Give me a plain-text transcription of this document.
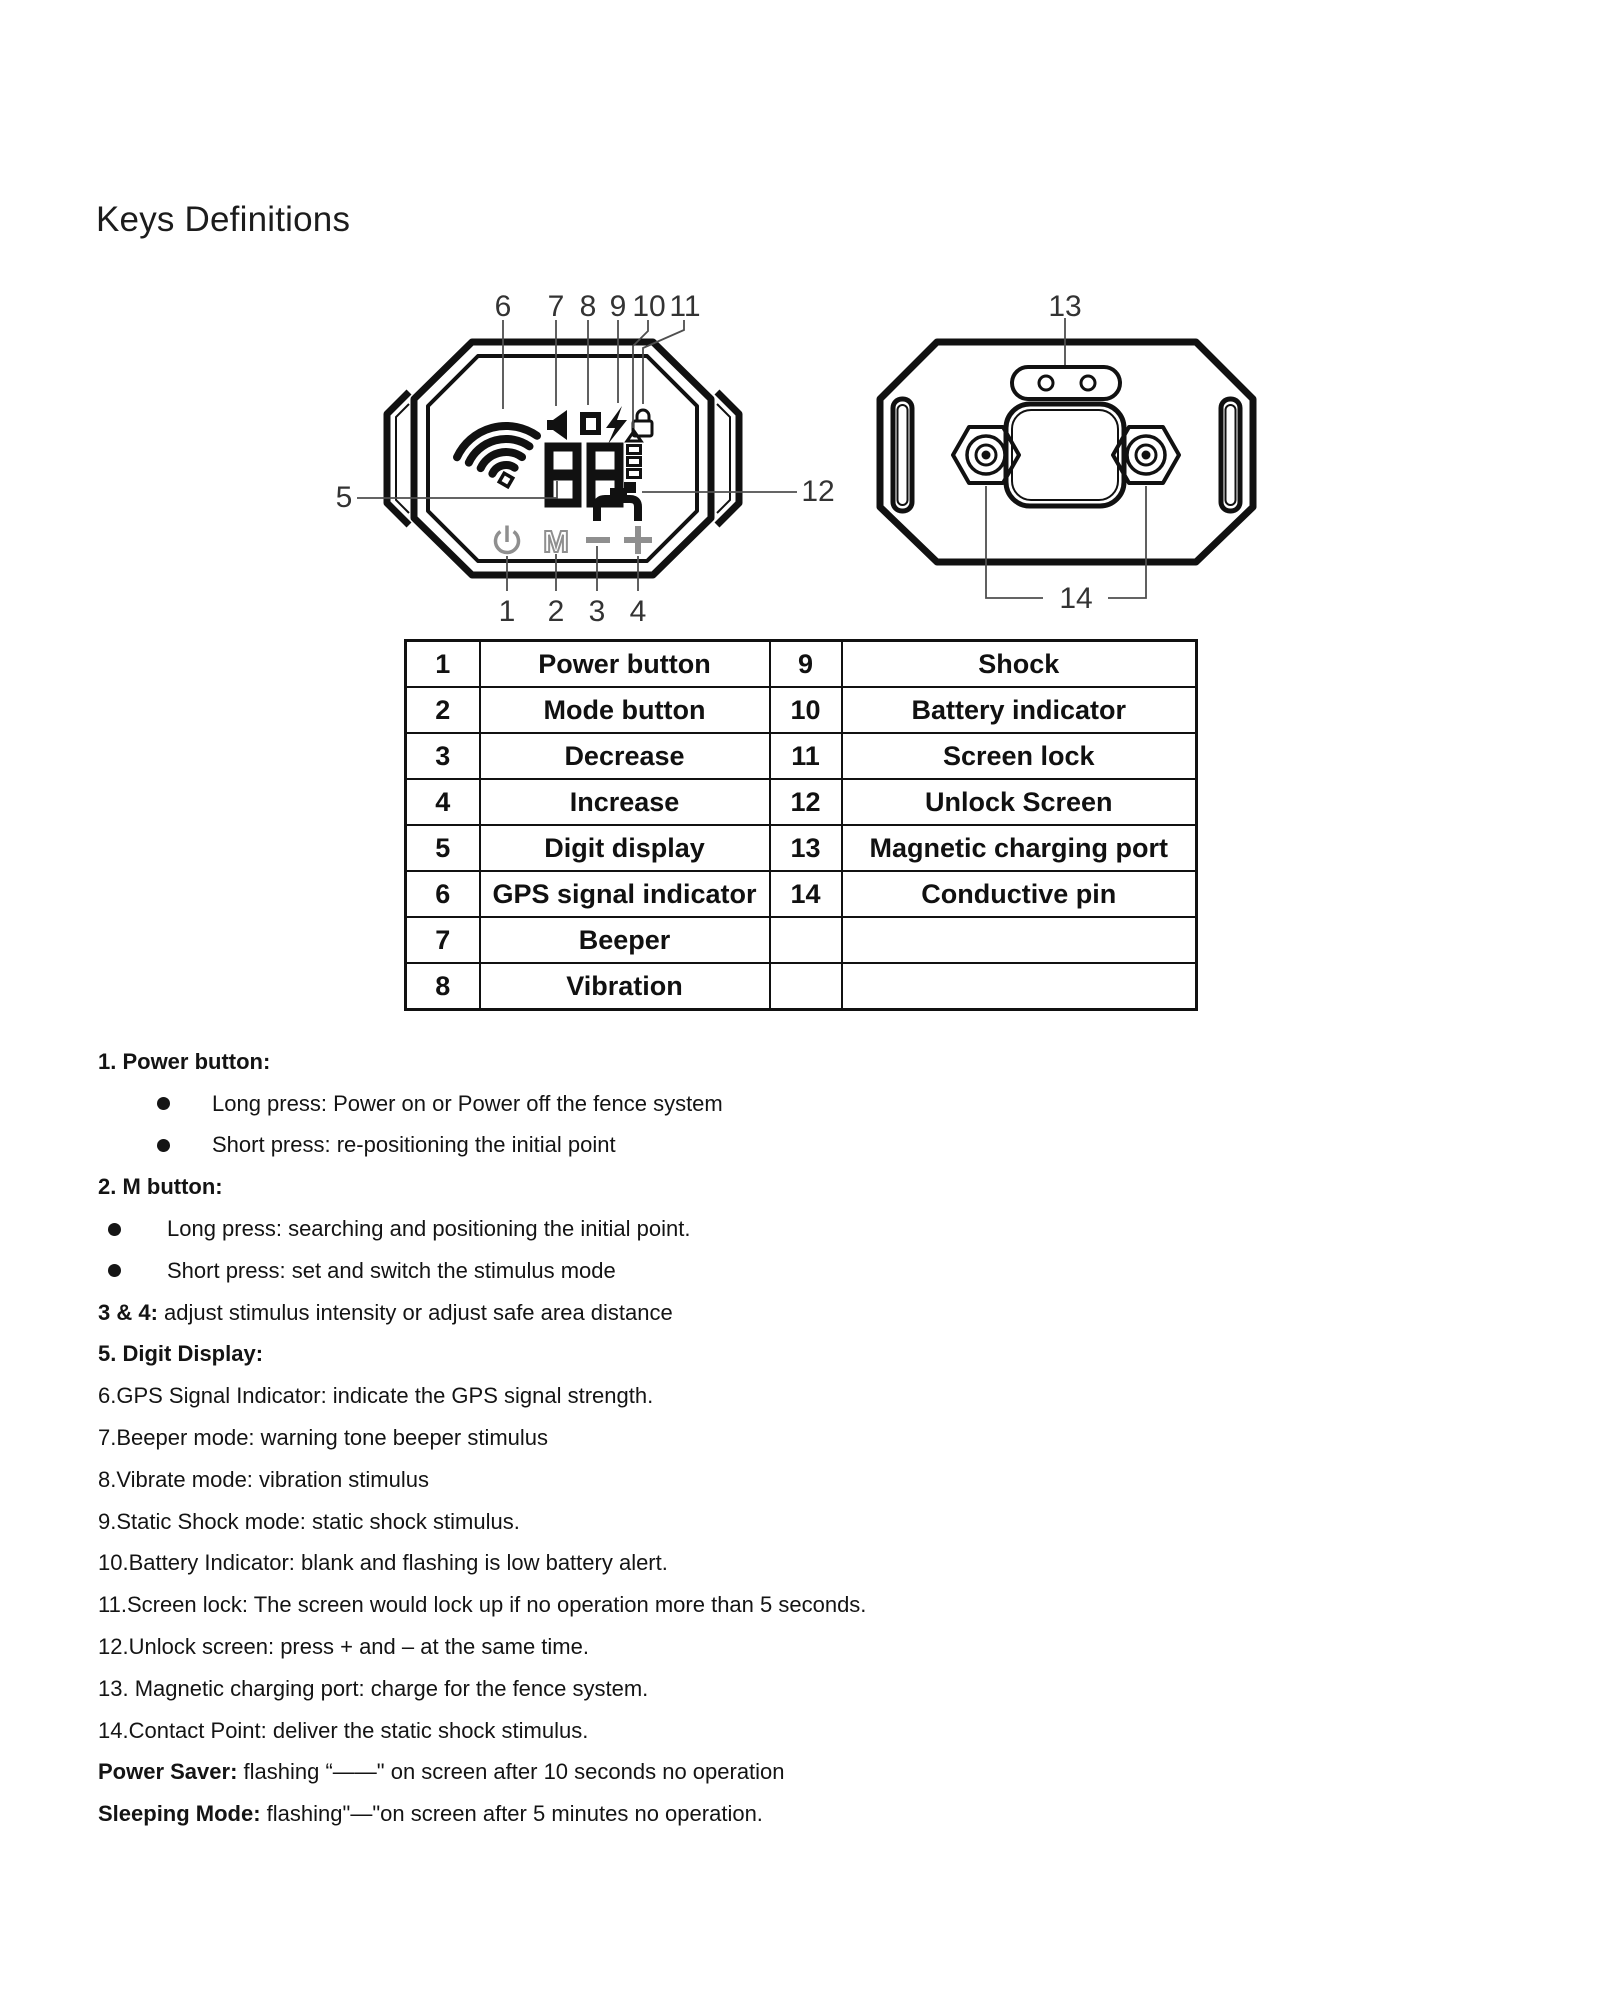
Keys Definitions
M
1 2 3 4
5
6 7 8 9 10 11
12
13
14
1	Power button	9	Shock
2	Mode button	10	Battery indicator
3	Decrease	11	Screen lock
4	Increase	12	Unlock Screen
5	Digit display	13	Magnetic charging port
6	GPS signal indicator	14	Conductive pin
7	Beeper		
8	Vibration		
1. Power button:
Long press: Power on or Power off the fence system
Short press: re-positioning the initial point
2. M button:
Long press: searching and positioning the initial point.
Short press: set and switch the stimulus mode
3 & 4: adjust stimulus intensity or adjust safe area distance
5. Digit Display:
6.GPS Signal Indicator: indicate the GPS signal strength.
7.Beeper mode: warning tone beeper stimulus
8.Vibrate mode: vibration stimulus
9.Static Shock mode: static shock stimulus.
10.Battery Indicator: blank and flashing is low battery alert.
11.Screen lock: The screen would lock up if no operation more than 5 seconds.
12.Unlock screen: press + and – at the same time.
13. Magnetic charging port: charge for the fence system.
14.Contact Point: deliver the static shock stimulus.
Power Saver: flashing “——" on screen after 10 seconds no operation
Sleeping Mode: flashing"—"on screen after 5 minutes no operation.
